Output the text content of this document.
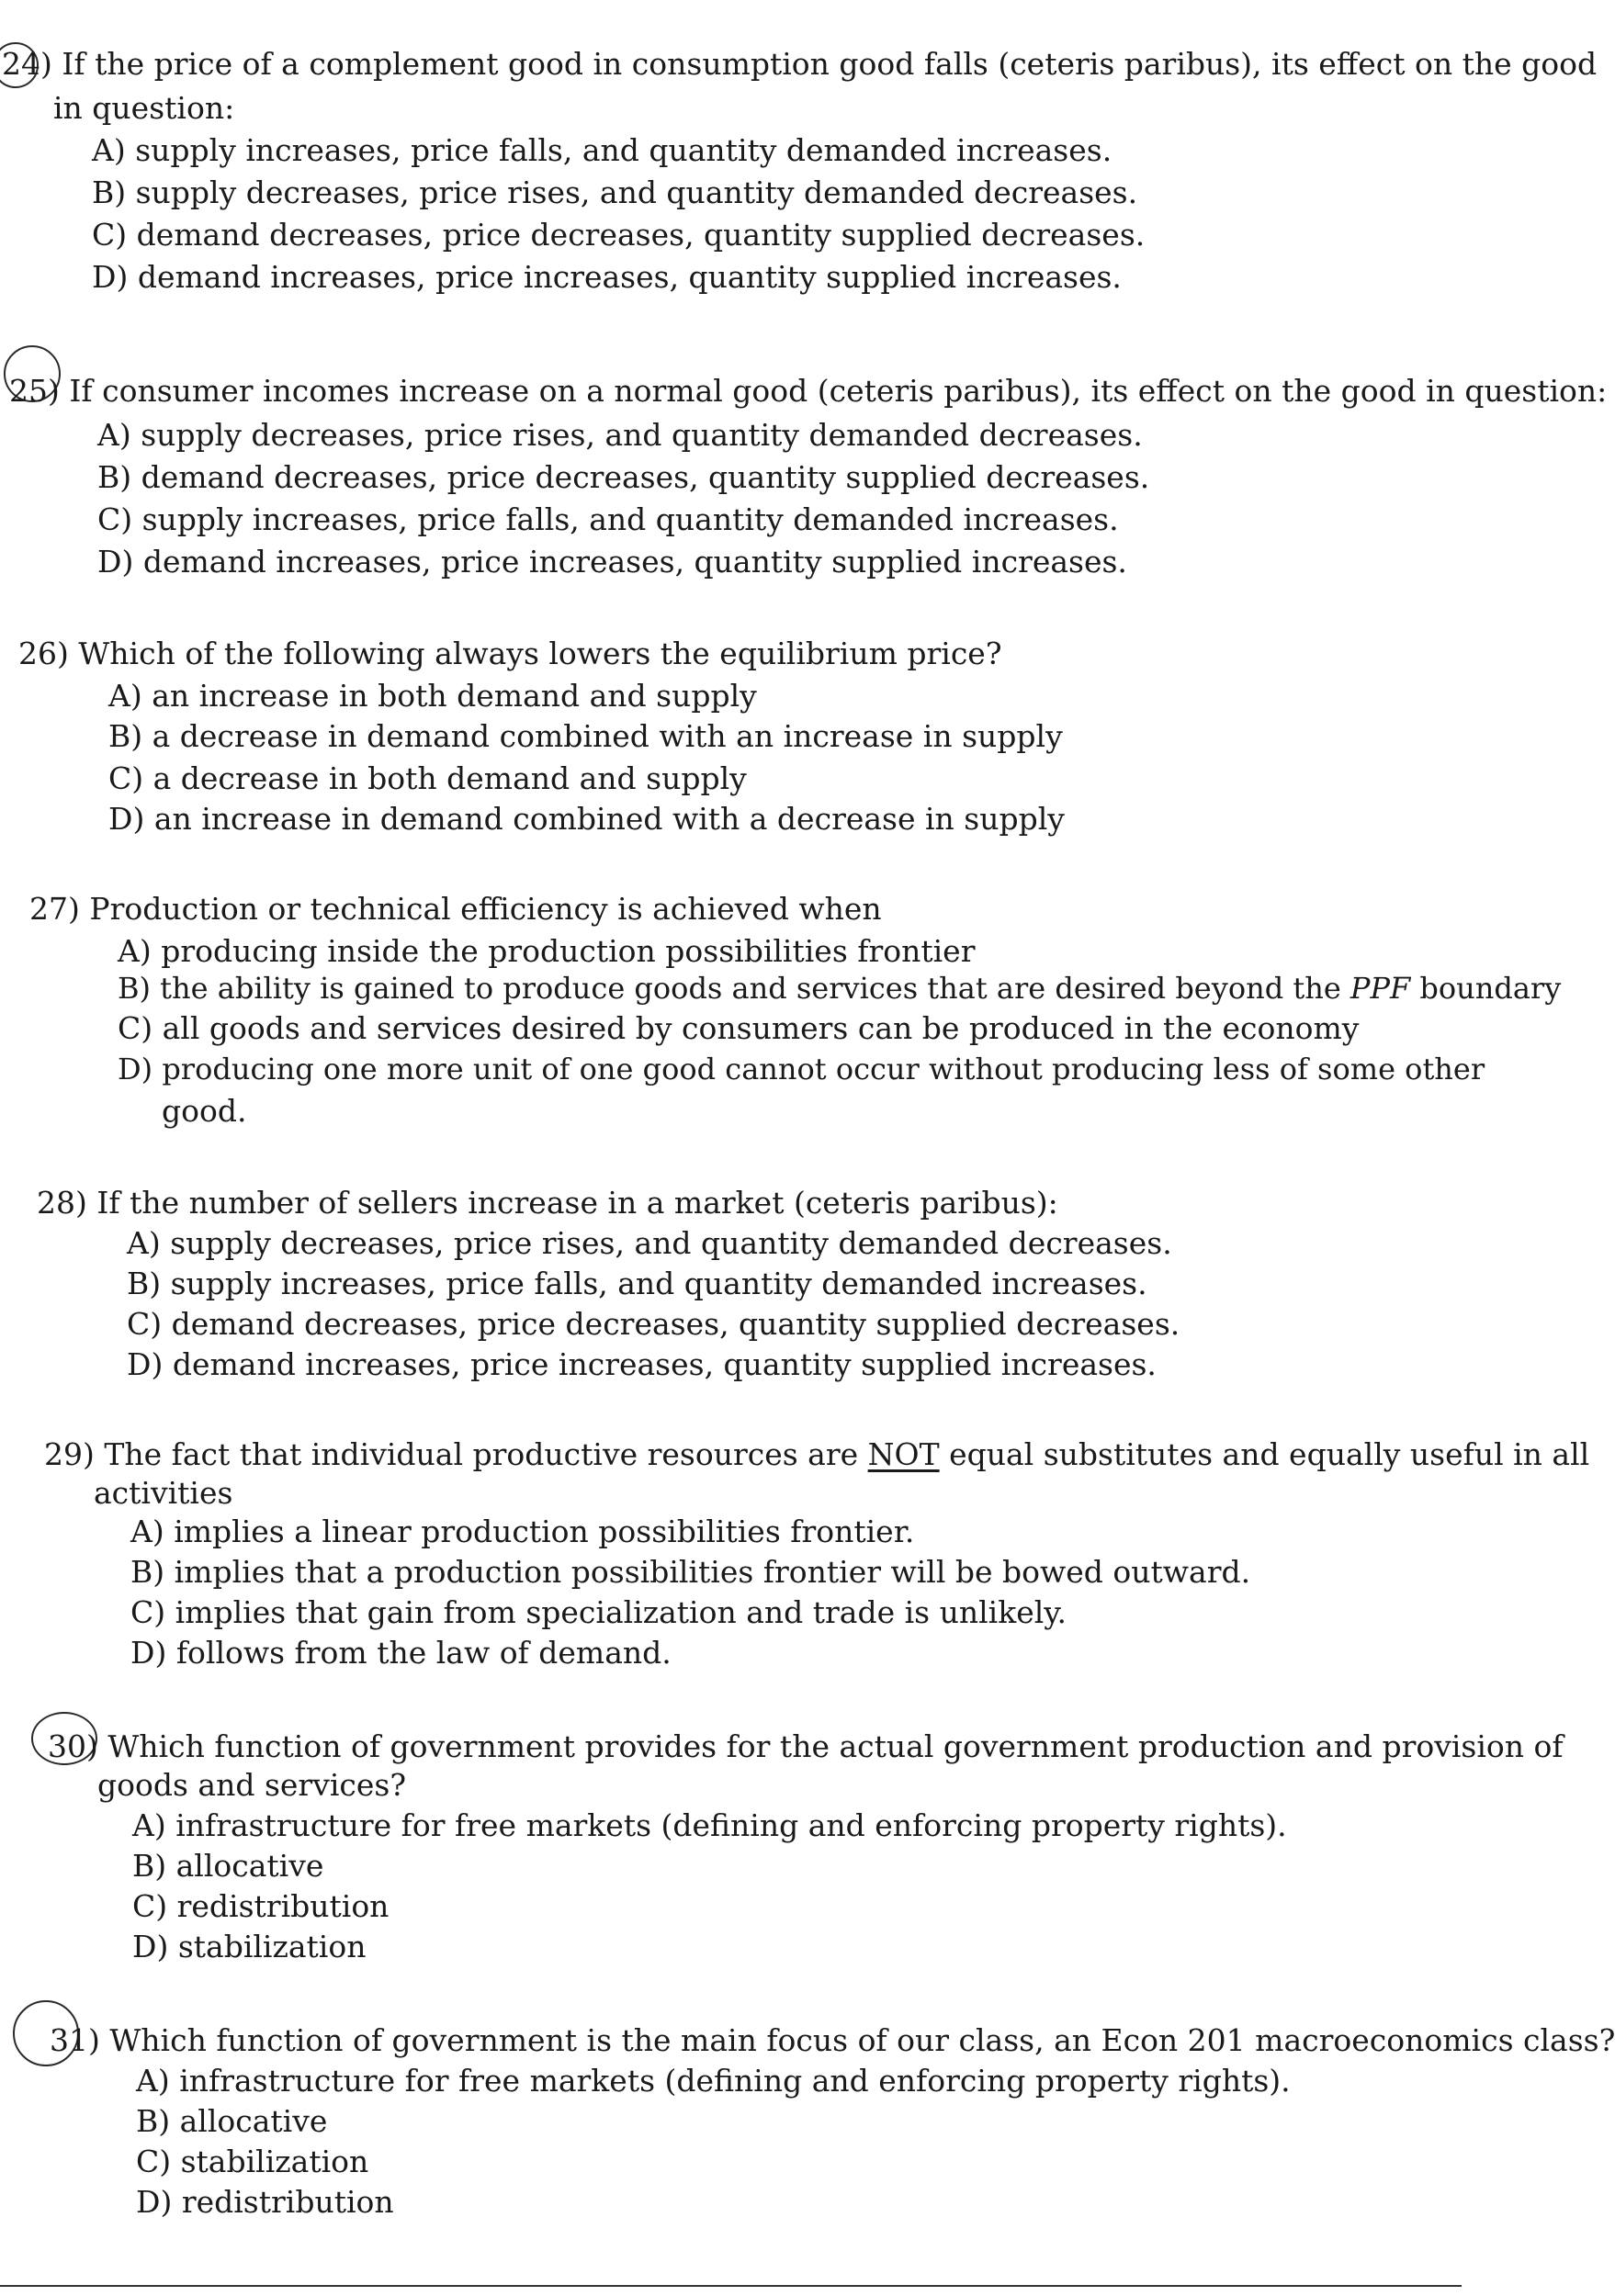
24) If the price of a complement good in consumption good falls (ceteris paribus), its effect on the good
in question:
A) supply increases, price falls, and quantity demanded increases.
B) supply decreases, price rises, and quantity demanded decreases.
C) demand decreases, price decreases, quantity supplied decreases.
D) demand increases, price increases, quantity supplied increases.
25) If consumer incomes increase on a normal good (ceteris paribus), its effect on the good in question:
A) supply decreases, price rises, and quantity demanded decreases.
B) demand decreases, price decreases, quantity supplied decreases.
C) supply increases, price falls, and quantity demanded increases.
D) demand increases, price increases, quantity supplied increases.
26) Which of the following always lowers the equilibrium price?
A) an increase in both demand and supply
B) a decrease in demand combined with an increase in supply
C) a decrease in both demand and supply
D) an increase in demand combined with a decrease in supply
27) Production or technical efficiency is achieved when
A) producing inside the production possibilities frontier
B) the ability is gained to produce goods and services that are desired beyond the PPF boundary
C) all goods and services desired by consumers can be produced in the economy
D) producing one more unit of one good cannot occur without producing less of some other
good.
28) If the number of sellers increase in a market (ceteris paribus):
A) supply decreases, price rises, and quantity demanded decreases.
B) supply increases, price falls, and quantity demanded increases.
C) demand decreases, price decreases, quantity supplied decreases.
D) demand increases, price increases, quantity supplied increases.
29) The fact that individual productive resources are NOT equal substitutes and equally useful in all
activities
A) implies a linear production possibilities frontier.
B) implies that a production possibilities frontier will be bowed outward.
C) implies that gain from specialization and trade is unlikely.
D) follows from the law of demand.
30) Which function of government provides for the actual government production and provision of
goods and services?
A) infrastructure for free markets (defining and enforcing property rights).
B) allocative
C) redistribution
D) stabilization
31) Which function of government is the main focus of our class, an Econ 201 macroeconomics class?
A) infrastructure for free markets (defining and enforcing property rights).
B) allocative
C) stabilization
D) redistribution
